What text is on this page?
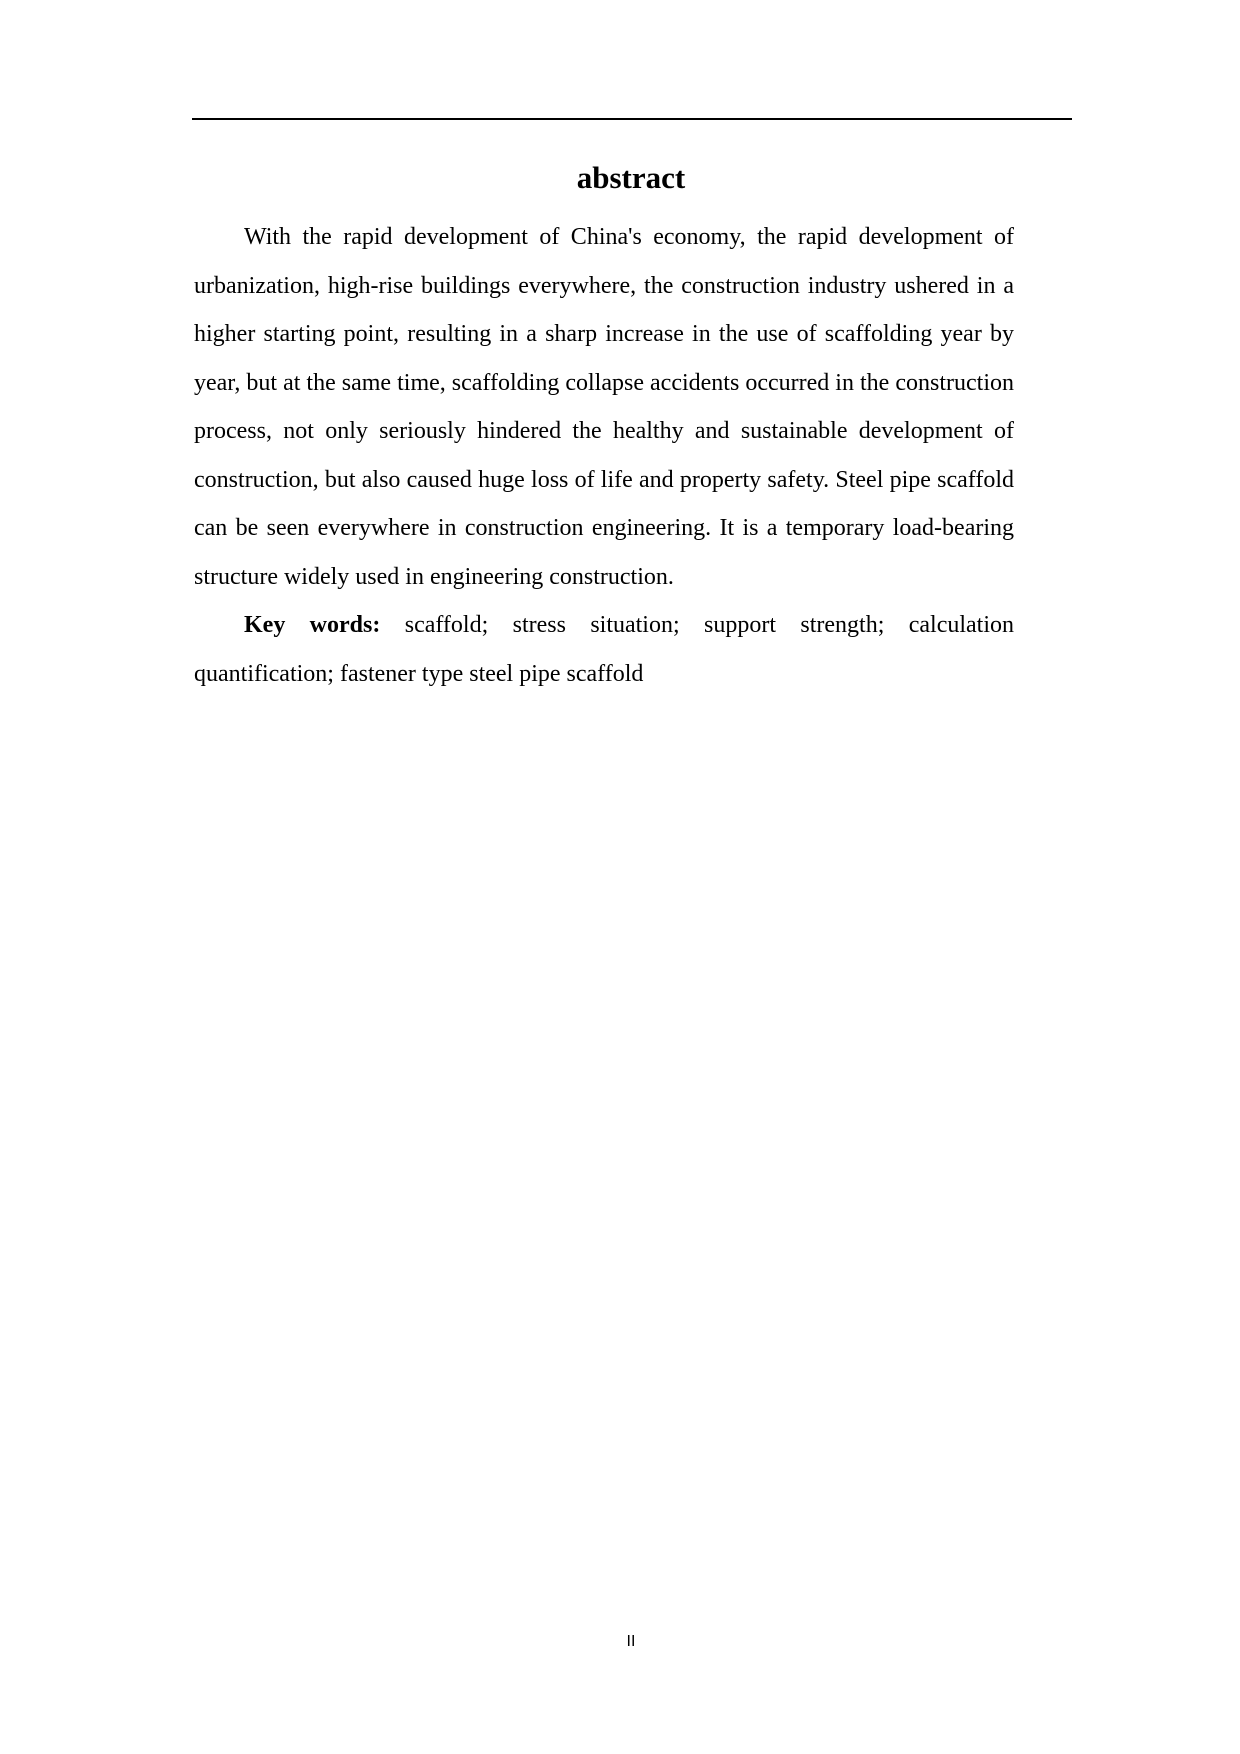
abstract

With the rapid development of China's economy, the rapid development of urbanization, high-rise buildings everywhere, the construction industry ushered in a higher starting point, resulting in a sharp increase in the use of scaffolding year by year, but at the same time, scaffolding collapse accidents occurred in the construction process, not only seriously hindered the healthy and sustainable development of construction, but also caused huge loss of life and property safety. Steel pipe scaffold can be seen everywhere in construction engineering. It is a temporary load-bearing structure widely used in engineering construction.

Key words: scaffold; stress situation; support strength; calculation quantification; fastener type steel pipe scaffold

II
